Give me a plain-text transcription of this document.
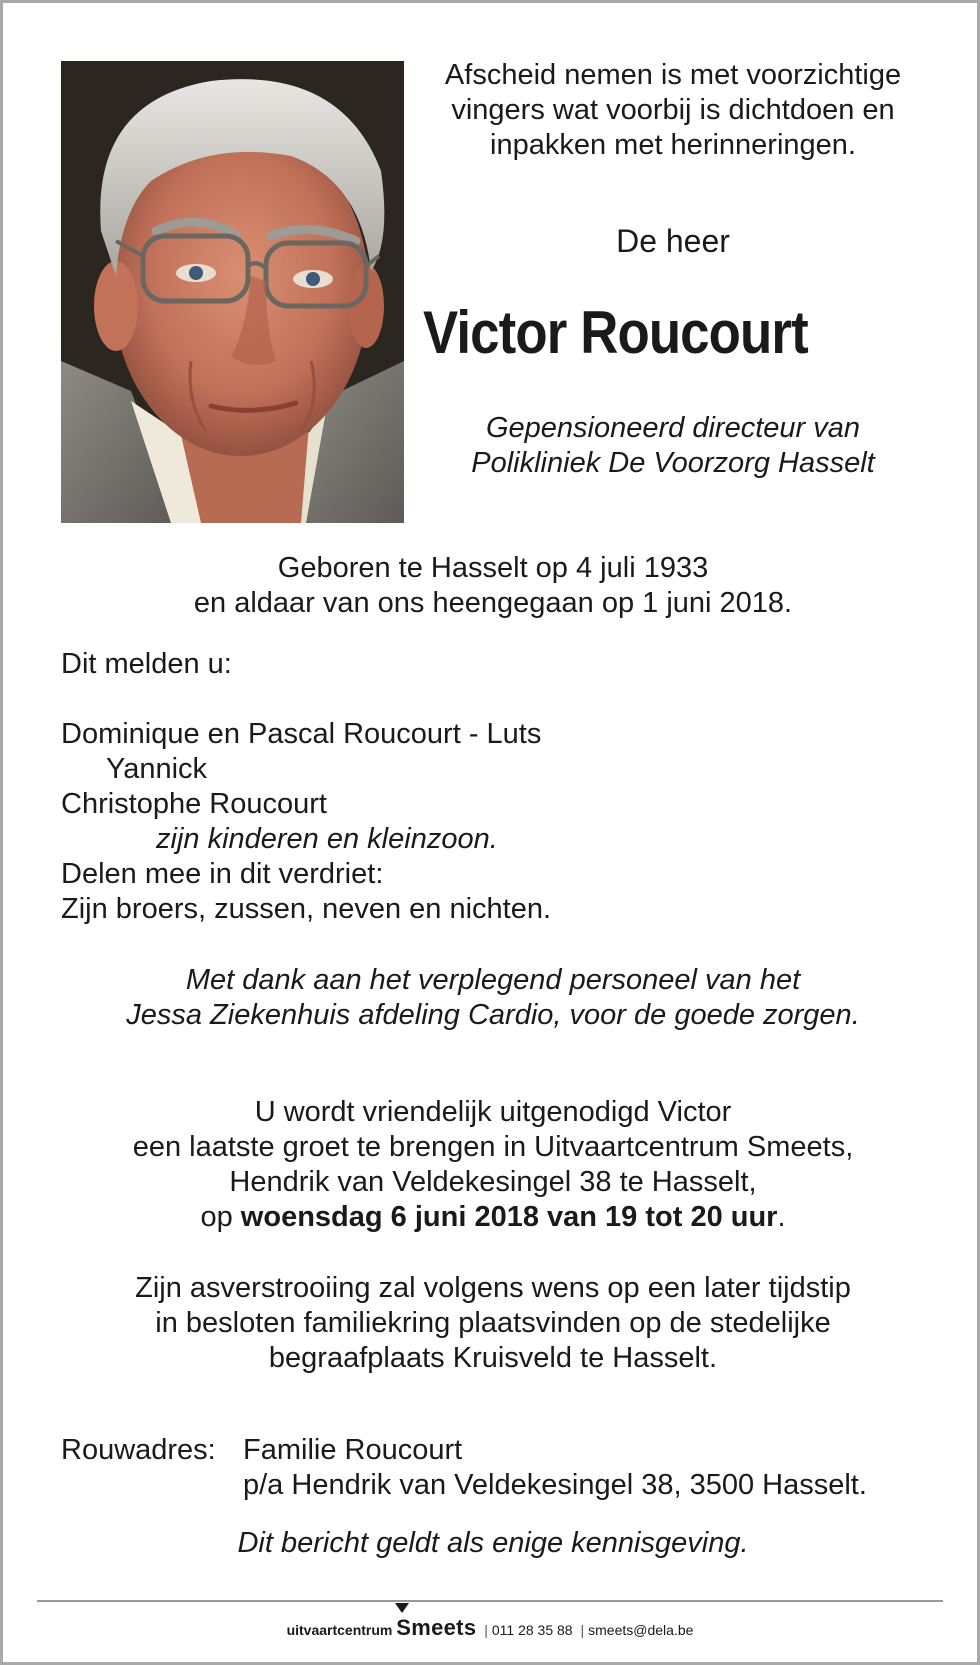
Afscheid nemen is met voorzichtige
vingers wat voorbij is dichtdoen en
inpakken met herinneringen.
De heer
Victor Roucourt
Gepensioneerd directeur van
Polikliniek De Voorzorg Hasselt
Geboren te Hasselt op 4 juli 1933
en aldaar van ons heengegaan op 1 juni 2018.
Dit melden u:
Dominique en Pascal Roucourt - Luts
Yannick
Christophe Roucourt
zijn kinderen en kleinzoon.
Delen mee in dit verdriet:
Zijn broers, zussen, neven en nichten.
Met dank aan het verplegend personeel van het
Jessa Ziekenhuis afdeling Cardio, voor de goede zorgen.
U wordt vriendelijk uitgenodigd Victor
een laatste groet te brengen in Uitvaartcentrum Smeets,
Hendrik van Veldekesingel 38 te Hasselt,
op woensdag 6 juni 2018 van 19 tot 20 uur.
Zijn asverstrooiing zal volgens wens op een later tijdstip
in besloten familiekring plaatsvinden op de stedelijke
begraafplaats Kruisveld te Hasselt.
Rouwadres: Familie Roucourt
p/a Hendrik van Veldekesingel 38, 3500 Hasselt.
Dit bericht geldt als enige kennisgeving.
uitvaartcentrum Smeets | 011 28 35 88 | smeets@dela.be
